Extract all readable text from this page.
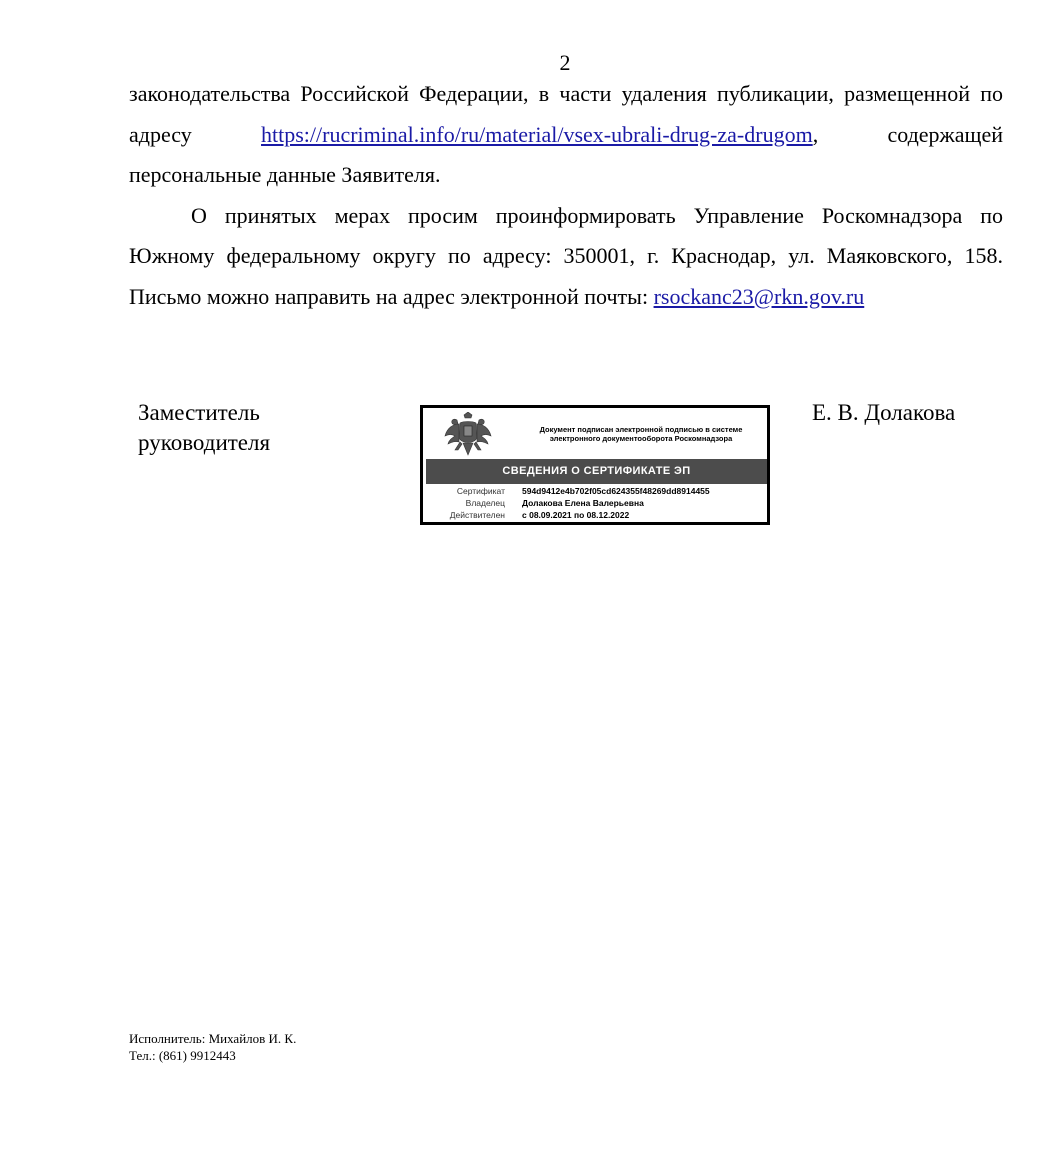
2

законодательства Российской Федерации, в части удаления публикации, размещенной по адресу https://rucriminal.info/ru/material/vsex-ubrali-drug-za-drugom, содержащей персональные данные Заявителя.

О принятых мерах просим проинформировать Управление Роскомнадзора по Южному федеральному округу по адресу: 350001, г. Краснодар, ул. Маяковского, 158. Письмо можно направить на адрес электронной почты: rsockanc23@rkn.gov.ru

Заместитель
руководителя
Документ подписан электронной подписью в системе
электронного документооборота Роскомнадзора
СВЕДЕНИЯ О СЕРТИФИКАТЕ ЭП
Сертификат 594d9412e4b702f05cd624355f48269dd8914455
Владелец Долакова Елена Валерьевна
Действителен с 08.09.2021 по 08.12.2022
Е. В. Долакова
Исполнитель: Михайлов И. К.
Тел.: (861) 9912443
